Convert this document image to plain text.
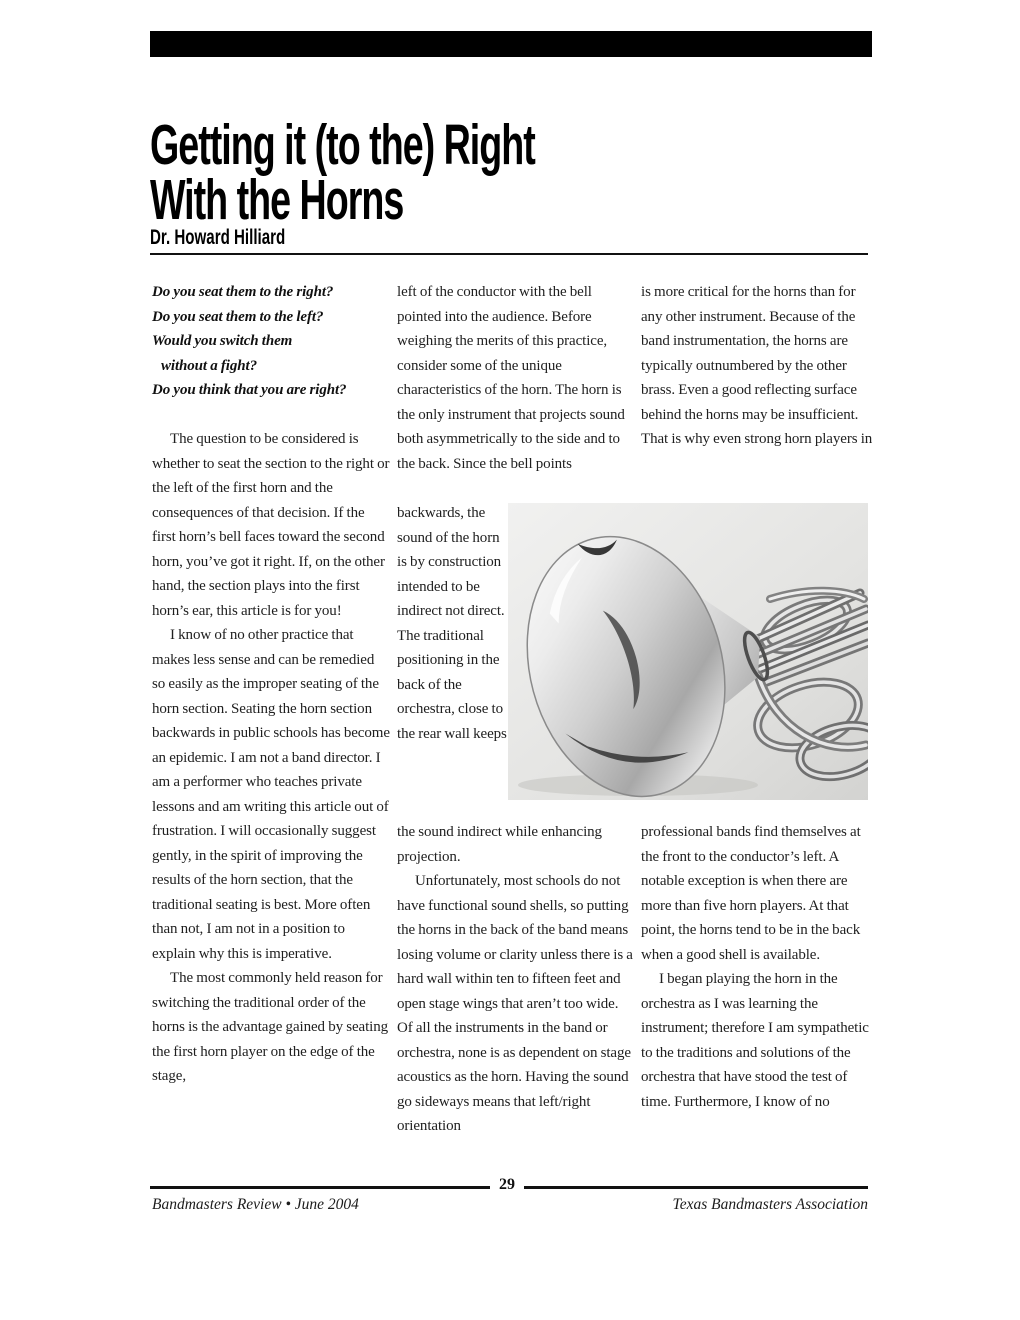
Getting it (to the) Right
With the Horns
Dr. Howard Hilliard
Do you seat them to the right?
Do you seat them to the left?
Would you switch them
without a fight?
Do you think that you are right?

The question to be considered is whether to seat the section to the right or the left of the first horn and the consequences of that decision. If the first horn’s bell faces toward the second horn, you’ve got it right. If, on the other hand, the section plays into the first horn’s ear, this article is for you!

I know of no other practice that makes less sense and can be remedied so easily as the improper seating of the horn section. Seating the horn section backwards in public schools has become an epidemic. I am not a band director. I am a performer who teaches private lessons and am writing this article out of frustration. I will occasionally suggest gently, in the spirit of improving the results of the horn section, that the traditional seating is best. More often than not, I am not in a position to explain why this is imperative.

The most commonly held reason for switching the traditional order of the horns is the advantage gained by seating the first horn player on the edge of the stage,

left of the conductor with the bell pointed into the audience. Before weighing the merits of this practice, consider some of the unique characteristics of the horn. The horn is the only instrument that projects sound both asymmetrically to the side and to the back. Since the bell points
backwards, the sound of the horn is by construction intended to be indirect not direct. The traditional positioning in the back of the orchestra, close to the rear wall keeps

the sound indirect while enhancing projection.

Unfortunately, most schools do not have functional sound shells, so putting the horns in the back of the band means losing volume or clarity unless there is a hard wall within ten to fifteen feet and open stage wings that aren’t too wide. Of all the instruments in the band or orchestra, none is as dependent on stage acoustics as the horn. Having the sound go sideways means that left/right orientation

is more critical for the horns than for any other instrument. Because of the band instrumentation, the horns are typically outnumbered by the other brass. Even a good reflecting surface behind the horns may be insufficient. That is why even strong horn players in

professional bands find themselves at the front to the conductor’s left. A notable exception is when there are more than five horn players. At that point, the horns tend to be in the back when a good shell is available.

I began playing the horn in the orchestra as I was learning the instrument; therefore I am sympathetic to the traditions and solutions of the orchestra that have stood the test of time. Furthermore, I know of no

29
Bandmasters Review • June 2004	Texas Bandmasters Association
